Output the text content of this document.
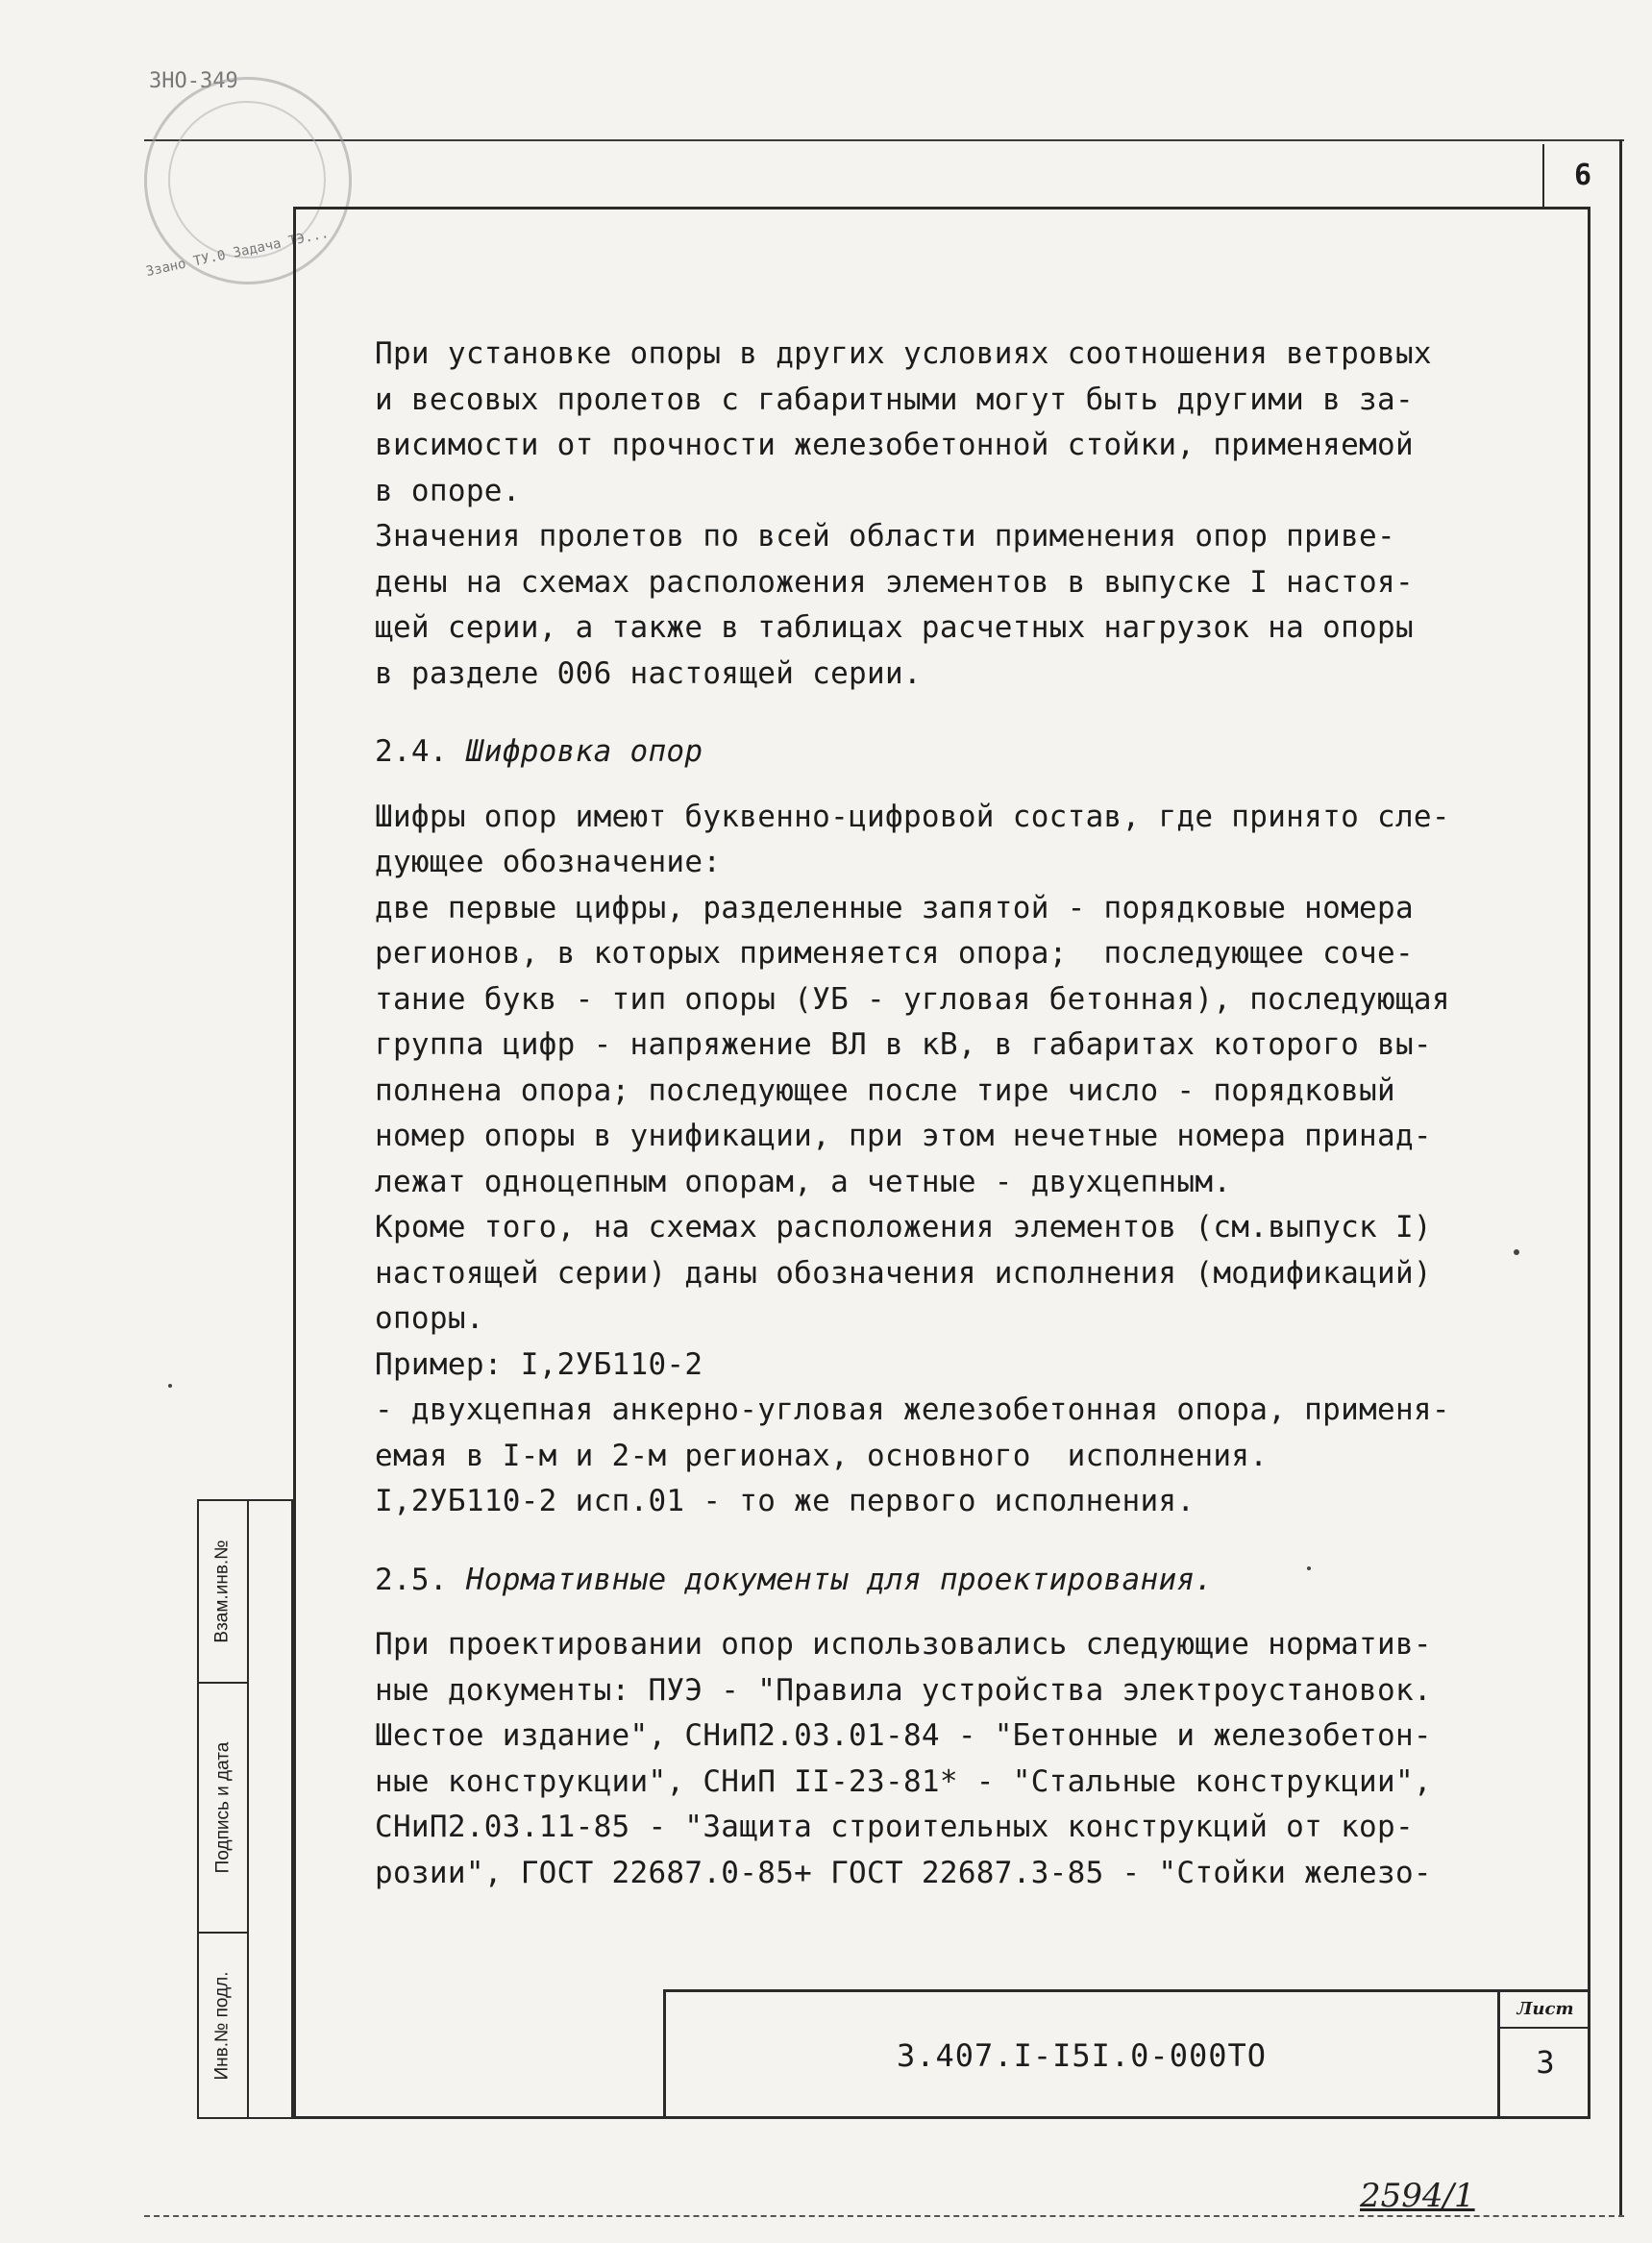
3НО-349
Ззано ТУ.0 Задача ТЭ...
6

При установке опоры в других условиях соотношения ветровых

и весовых пролетов с габаритными могут быть другими в за-

висимости от прочности железобетонной стойки, применяемой

в опоре.

Значения пролетов по всей области применения опор приве-

дены на схемах расположения элементов в выпуске I настоя-

щей серии, а также в таблицах расчетных нагрузок на опоры

в разделе 006 настоящей серии.

2.4. Шифровка опор

Шифры опор имеют буквенно-цифровой состав, где принято сле-

дующее обозначение:

две первые цифры, разделенные запятой - порядковые номера

регионов, в которых применяется опора;  последующее соче-

тание букв - тип опоры (УБ - угловая бетонная), последующая

группа цифр - напряжение ВЛ в кВ, в габаритах которого вы-

полнена опора; последующее после тире число - порядковый

номер опоры в унификации, при этом нечетные номера принад-

лежат одноцепным опорам, а четные - двухцепным.

Кроме того, на схемах расположения элементов (см.выпуск I)

настоящей серии) даны обозначения исполнения (модификаций)

опоры.

Пример: I,2УБ110-2

- двухцепная анкерно-угловая железобетонная опора, применя-

емая в I-м и 2-м регионах, основного  исполнения.

I,2УБ110-2 исп.01 - то же первого исполнения.

2.5. Нормативные документы для проектирования.

При проектировании опор использовались следующие норматив-

ные документы: ПУЭ - "Правила устройства электроустановок.

Шестое издание", СНиП2.03.01-84 - "Бетонные и железобетон-

ные конструкции", СНиП II-23-81* - "Стальные конструкции",

СНиП2.03.11-85 - "Защита строительных конструкций от кор-

розии", ГОСТ 22687.0-85+ ГОСТ 22687.3-85 - "Стойки железо-

Взам.инв.№
Подпись и дата
Инв.№ подл.	3.407.I-I5I.0-000ТО
Лист
3
2594/1
